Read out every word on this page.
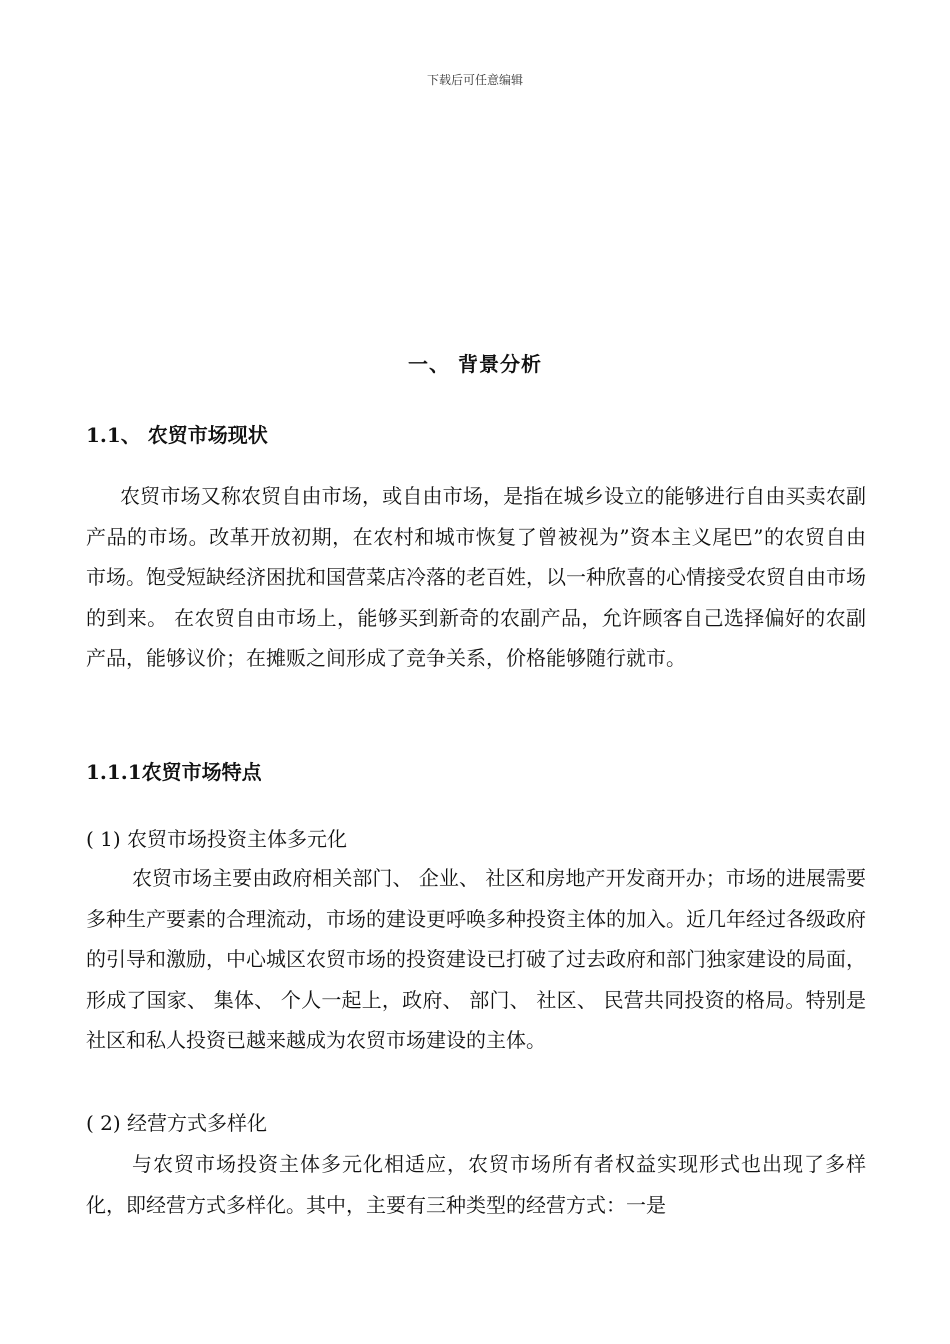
下载后可任意编辑
一、 背景分析
1.1、 农贸市场现状

农贸市场又称农贸自由市场，或自由市场，是指在城乡设立的能够进行自由买卖农副产品的市场。改革开放初期，在农村和城市恢复了曾被视为”资本主义尾巴”的农贸自由市场。饱受短缺经济困扰和国营菜店冷落的老百姓，以一种欣喜的心情接受农贸自由市场的到来。 在农贸自由市场上，能够买到新奇的农副产品，允许顾客自己选择偏好的农副产品，能够议价；在摊贩之间形成了竞争关系，价格能够随行就市。

1.1.1农贸市场特点
( 1) 农贸市场投资主体多元化

农贸市场主要由政府相关部门、 企业、 社区和房地产开发商开办；市场的进展需要多种生产要素的合理流动，市场的建设更呼唤多种投资主体的加入。近几年经过各级政府的引导和激励，中心城区农贸市场的投资建设已打破了过去政府和部门独家建设的局面，形成了国家、 集体、 个人一起上，政府、 部门、 社区、 民营共同投资的格局。特别是社区和私人投资已越来越成为农贸市场建设的主体。

( 2) 经营方式多样化

与农贸市场投资主体多元化相适应，农贸市场所有者权益实现形式也出现了多样化，即经营方式多样化。其中，主要有三种类型的经营方式：一是
